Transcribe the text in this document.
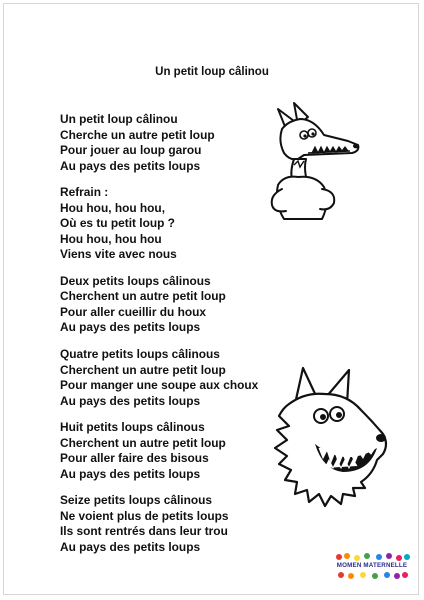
Un petit loup câlinou
Un petit loup câlinou
Cherche un autre petit loup
Pour jouer au loup garou
Au pays des petits loups
Refrain :
Hou hou, hou hou,
Où es tu petit loup ?
Hou hou, hou hou
Viens vite avec nous
Deux petits loups câlinous
Cherchent un autre petit loup
Pour aller cueillir du houx
Au pays des petits loups
Quatre petits loups câlinous
Cherchent un autre petit loup
Pour manger une soupe aux choux
Au pays des petits loups
Huit petits loups câlinous
Cherchent un autre petit loup
Pour aller faire des bisous
Au pays des petits loups
Seize petits loups câlinous
Ne voient plus de petits loups
Ils sont rentrés dans leur trou
Au pays des petits loups
MOMEN MATERNELLE
